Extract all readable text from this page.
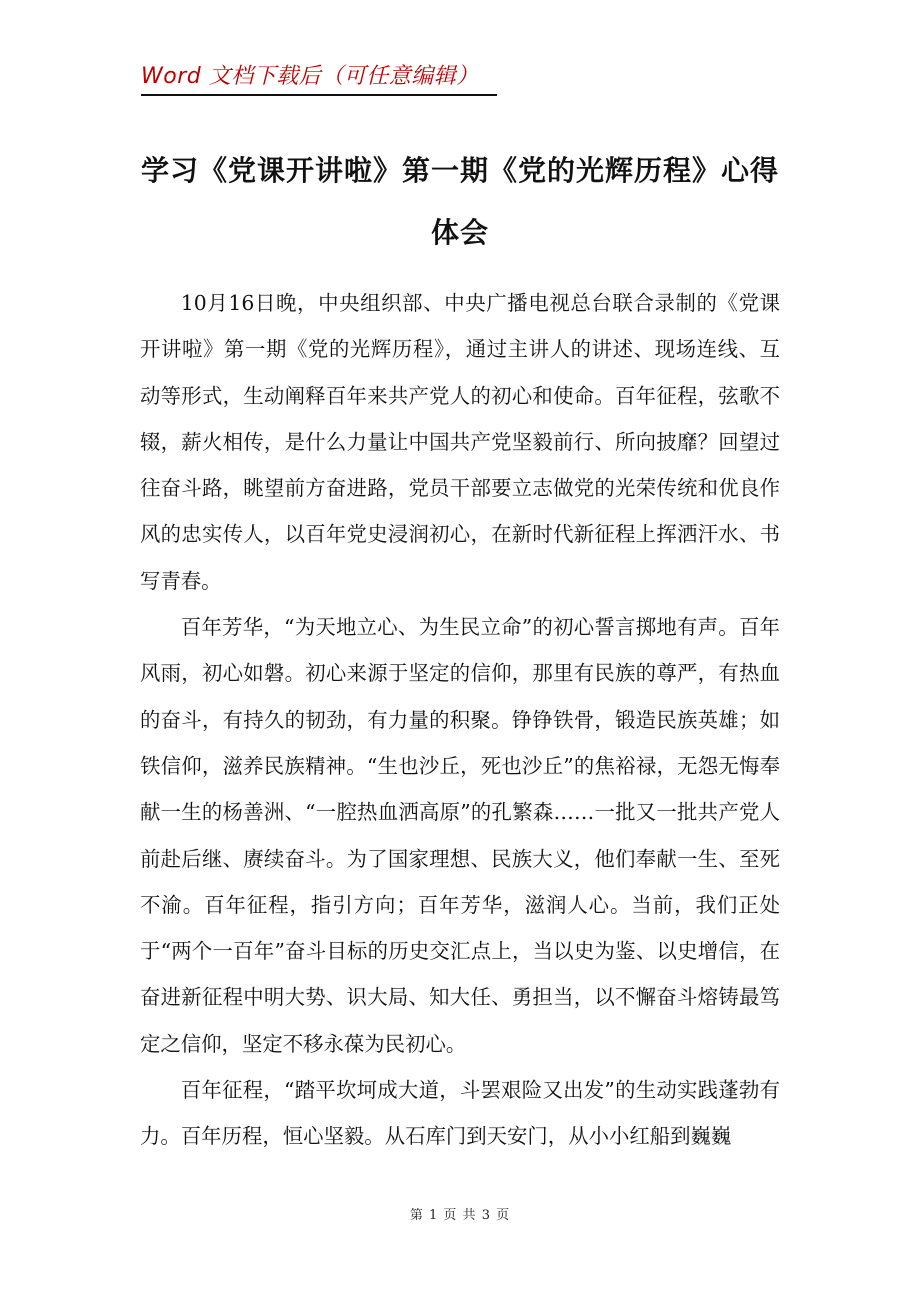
Word 文档下载后（可任意编辑）
学习《党课开讲啦》第一期《党的光辉历程》心得体会

10月16日晚，中央组织部、中央广播电视总台联合录制的《党课开讲啦》第一期《党的光辉历程》，通过主讲人的讲述、现场连线、互动等形式，生动阐释百年来共产党人的初心和使命。百年征程，弦歌不辍，薪火相传，是什么力量让中国共产党坚毅前行、所向披靡？回望过往奋斗路，眺望前方奋进路，党员干部要立志做党的光荣传统和优良作风的忠实传人，以百年党史浸润初心，在新时代新征程上挥洒汗水、书写青春。

百年芳华，“为天地立心、为生民立命”的初心誓言掷地有声。百年风雨，初心如磐。初心来源于坚定的信仰，那里有民族的尊严，有热血的奋斗，有持久的韧劲，有力量的积聚。铮铮铁骨，锻造民族英雄；如铁信仰，滋养民族精神。“生也沙丘，死也沙丘”的焦裕禄，无怨无悔奉献一生的杨善洲、“一腔热血洒高原”的孔繁森……一批又一批共产党人前赴后继、赓续奋斗。为了国家理想、民族大义，他们奉献一生、至死不渝。百年征程，指引方向；百年芳华，滋润人心。当前，我们正处于“两个一百年”奋斗目标的历史交汇点上，当以史为鉴、以史增信，在奋进新征程中明大势、识大局、知大任、勇担当，以不懈奋斗熔铸最笃定之信仰，坚定不移永葆为民初心。

百年征程，“踏平坎坷成大道，斗罢艰险又出发”的生动实践蓬勃有力。百年历程，恒心坚毅。从石库门到天安门，从小小红船到巍巍

第 1 页 共 3 页
